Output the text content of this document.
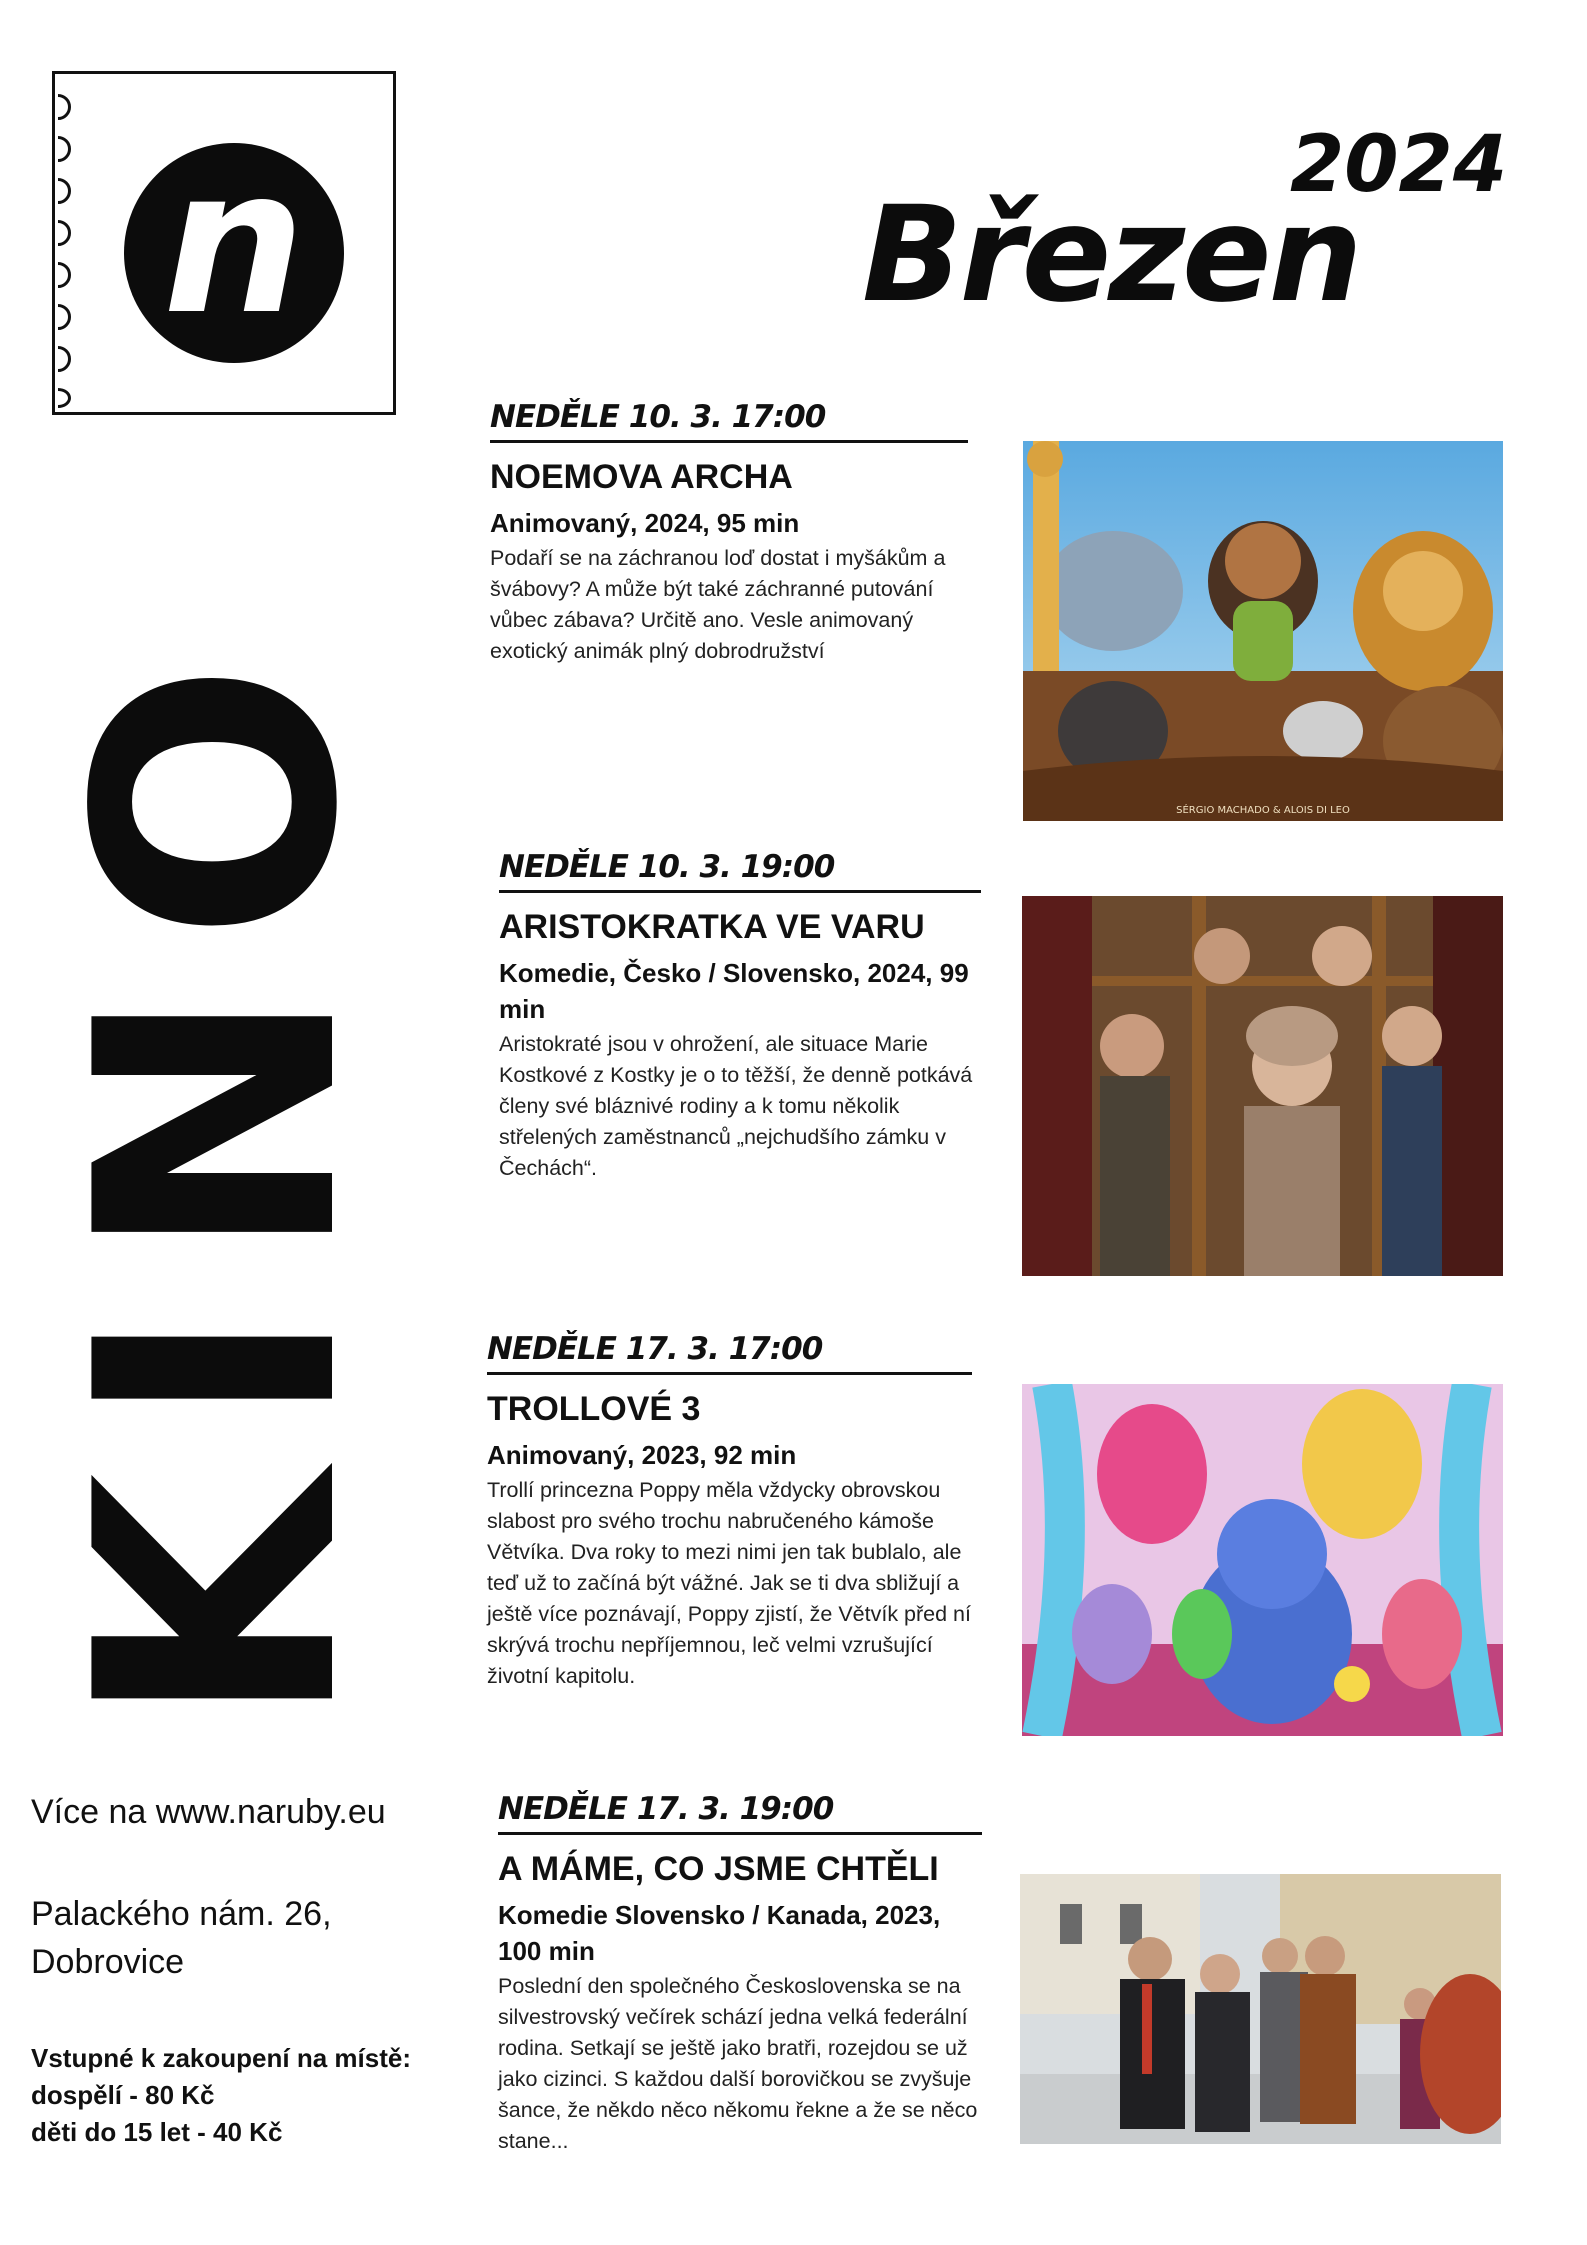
n	2024
Březen
KINO
NEDĚLE 10. 3. 17:00
NOEMOVA ARCHA
Animovaný, 2024, 95 min
Podaří se na záchranou loď dostat i myšákům a švábovy? A může být také záchranné putování vůbec zábava? Určitě ano. Vesle animovaný exotický animák plný dobrodružství
SÉRGIO MACHADO & ALOIS DI LEO
NEDĚLE 10. 3. 19:00
ARISTOKRATKA VE VARU
Komedie, Česko / Slovensko, 2024, 99 min
Aristokraté jsou v ohrožení, ale situace Marie Kostkové z Kostky je o to těžší, že denně potkává členy své bláznivé rodiny a k tomu několik střelených zaměstnanců „nejchudšího zámku v Čechách“.
NEDĚLE 17. 3. 17:00
TROLLOVÉ 3
Animovaný, 2023, 92 min
Trollí princezna Poppy měla vždycky obrovskou slabost pro svého trochu nabručeného kámoše Větvíka. Dva roky to mezi nimi jen tak bublalo, ale teď už to začíná být vážné. Jak se ti dva sbližují a ještě více poznávají, Poppy zjistí, že Větvík před ní skrývá trochu nepříjemnou, leč velmi vzrušující životní kapitolu.
NEDĚLE 17. 3. 19:00
A MÁME, CO JSME CHTĚLI
Komedie Slovensko / Kanada, 2023, 100 min
Poslední den společného Československa se na silvestrovský večírek schází jedna velká federální rodina. Setkají se ještě jako bratři, rozejdou se už jako cizinci. S každou další borovičkou se zvyšuje šance, že někdo něco někomu řekne a že se něco stane...
Více na www.naruby.eu
Palackého nám. 26,
Dobrovice
Vstupné k zakoupení na místě:
dospělí - 80 Kč
děti do 15 let - 40 Kč
